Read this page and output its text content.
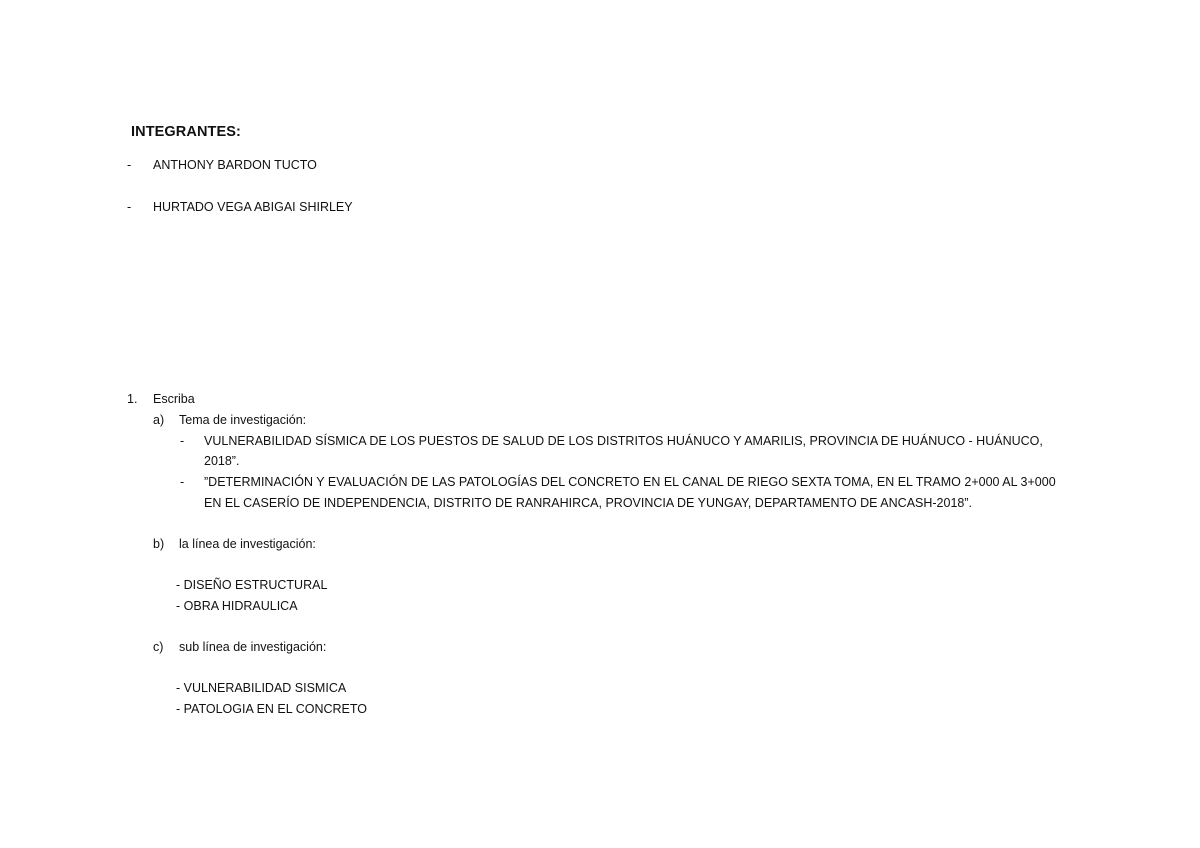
INTEGRANTES:
- ANTHONY BARDON TUCTO
- HURTADO VEGA ABIGAI SHIRLEY
1. Escriba
a) Tema de investigación:
- VULNERABILIDAD SÍSMICA DE LOS PUESTOS DE SALUD DE LOS DISTRITOS HUÁNUCO Y AMARILIS, PROVINCIA DE HUÁNUCO - HUÁNUCO,
2018”.
- ”DETERMINACIÓN Y EVALUACIÓN DE LAS PATOLOGÍAS DEL CONCRETO EN EL CANAL DE RIEGO SEXTA TOMA, EN EL TRAMO 2+000 AL 3+000
EN EL CASERÍO DE INDEPENDENCIA, DISTRITO DE RANRAHIRCA, PROVINCIA DE YUNGAY, DEPARTAMENTO DE ANCASH-2018”.
b) la línea de investigación:
- DISEÑO ESTRUCTURAL
- OBRA HIDRAULICA
c) sub línea de investigación:
- VULNERABILIDAD SISMICA
- PATOLOGIA EN EL CONCRETO
